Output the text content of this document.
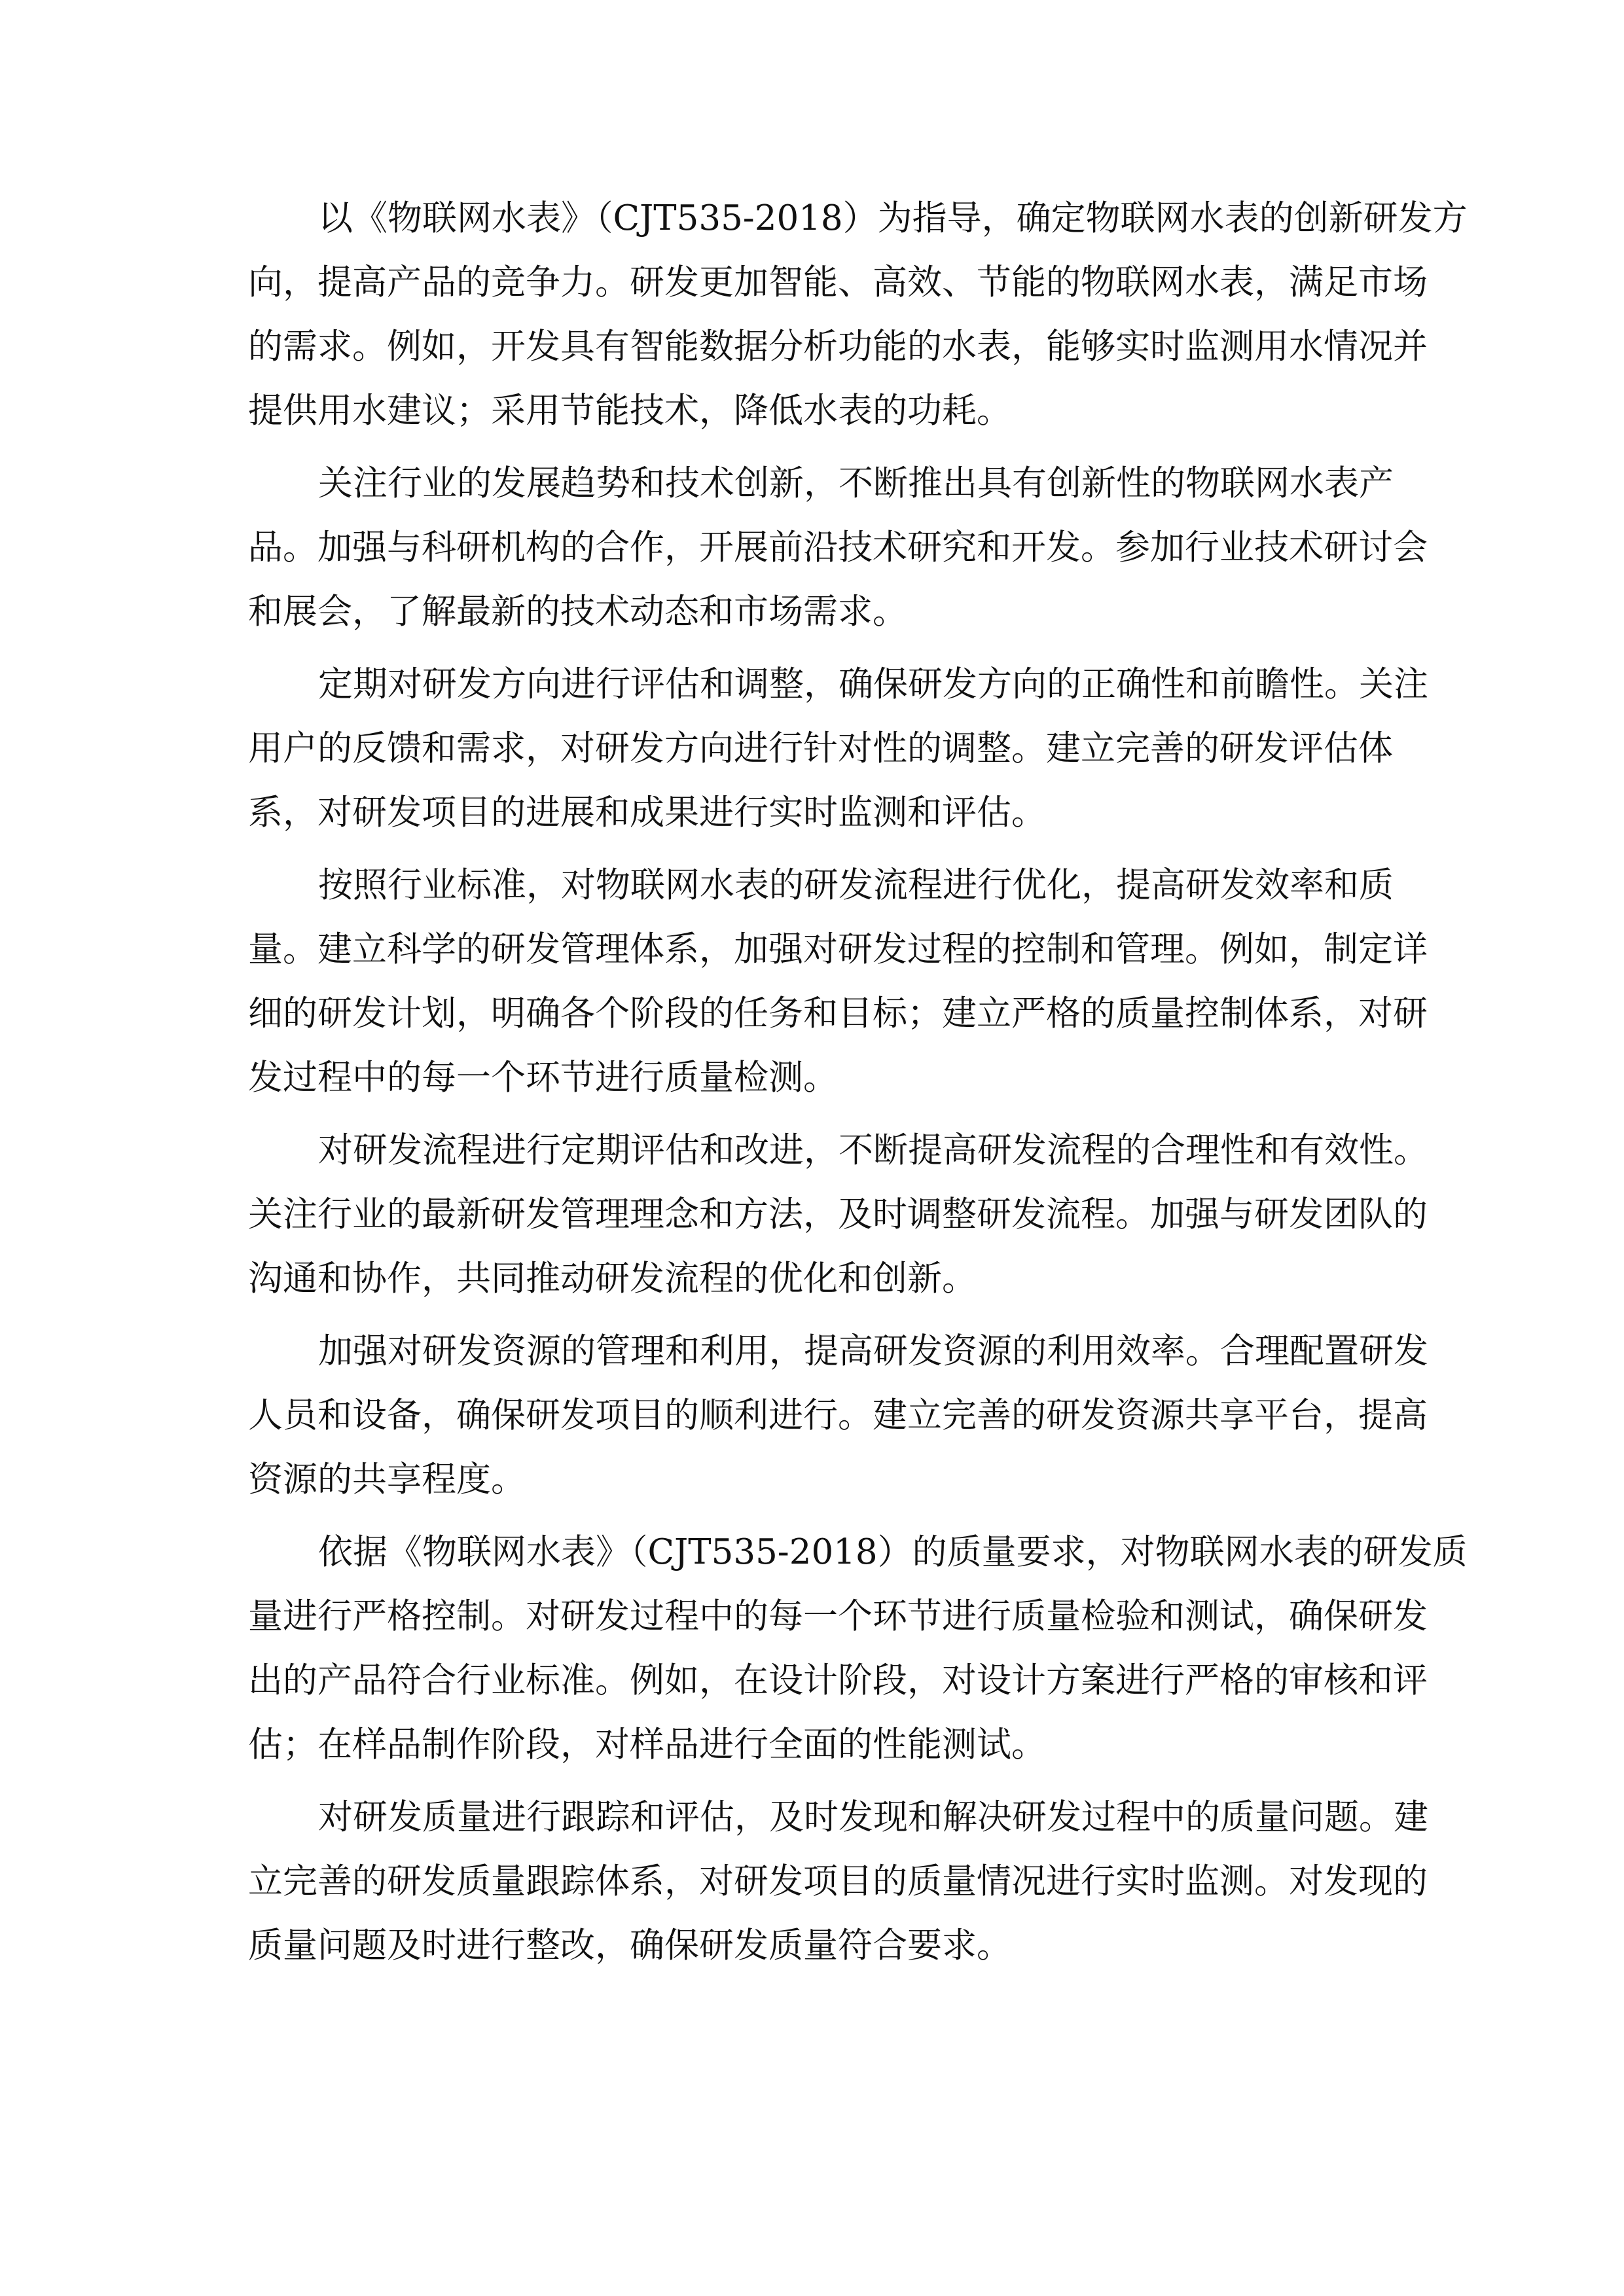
以《物联网水表》（CJT535-2018）为指导，确定物联网水表的创新研发方
向，提高产品的竞争力。研发更加智能、高效、节能的物联网水表，满足市场
的需求。例如，开发具有智能数据分析功能的水表，能够实时监测用水情况并
提供用水建议；采用节能技术，降低水表的功耗。
关注行业的发展趋势和技术创新，不断推出具有创新性的物联网水表产
品。加强与科研机构的合作，开展前沿技术研究和开发。参加行业技术研讨会
和展会，了解最新的技术动态和市场需求。
定期对研发方向进行评估和调整，确保研发方向的正确性和前瞻性。关注
用户的反馈和需求，对研发方向进行针对性的调整。建立完善的研发评估体
系，对研发项目的进展和成果进行实时监测和评估。
按照行业标准，对物联网水表的研发流程进行优化，提高研发效率和质
量。建立科学的研发管理体系，加强对研发过程的控制和管理。例如，制定详
细的研发计划，明确各个阶段的任务和目标；建立严格的质量控制体系，对研
发过程中的每一个环节进行质量检测。
对研发流程进行定期评估和改进，不断提高研发流程的合理性和有效性。
关注行业的最新研发管理理念和方法，及时调整研发流程。加强与研发团队的
沟通和协作，共同推动研发流程的优化和创新。
加强对研发资源的管理和利用，提高研发资源的利用效率。合理配置研发
人员和设备，确保研发项目的顺利进行。建立完善的研发资源共享平台，提高
资源的共享程度。
依据《物联网水表》（CJT535-2018）的质量要求，对物联网水表的研发质
量进行严格控制。对研发过程中的每一个环节进行质量检验和测试，确保研发
出的产品符合行业标准。例如，在设计阶段，对设计方案进行严格的审核和评
估；在样品制作阶段，对样品进行全面的性能测试。
对研发质量进行跟踪和评估，及时发现和解决研发过程中的质量问题。建
立完善的研发质量跟踪体系，对研发项目的质量情况进行实时监测。对发现的
质量问题及时进行整改，确保研发质量符合要求。
